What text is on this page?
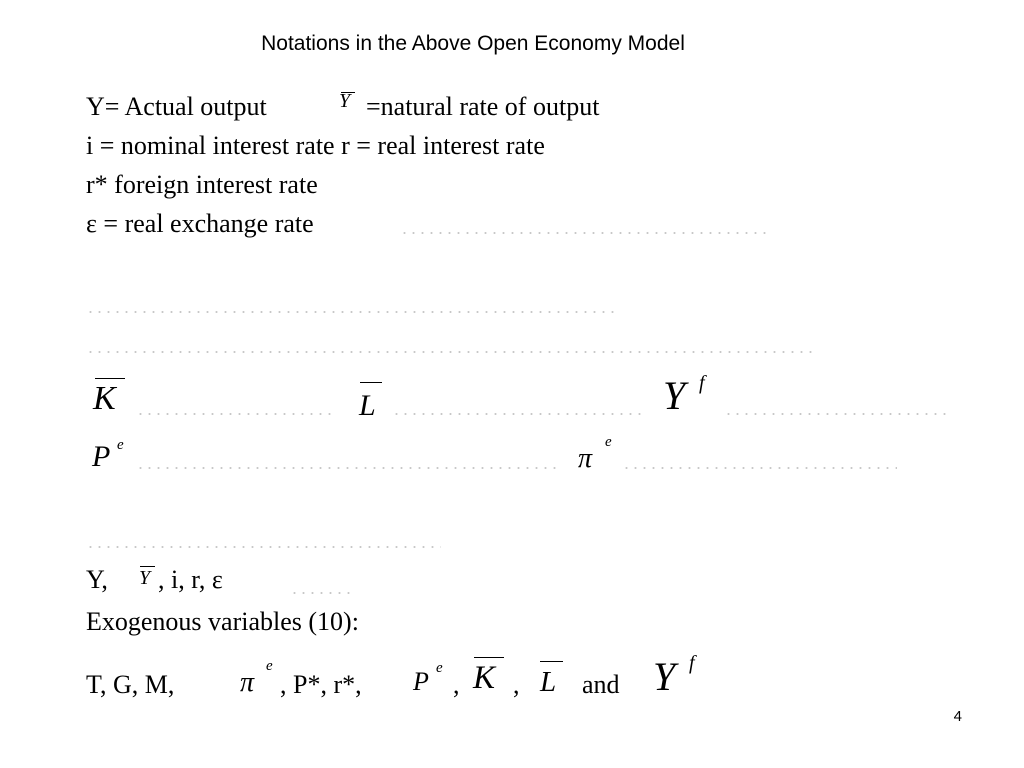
Notations in the Above Open Economy Model
Y= Actual output	Y =natural rate of output
i = nominal interest rate r = real interest rate
r* foreign interest rate
ε = real exchange rate
K	L	Y f
P e	π
e
Y, Y , i, r, ε
Exogenous variables (10):
T, G, M, π
e
, P*, r*, P e
, K , L and Y f
4
